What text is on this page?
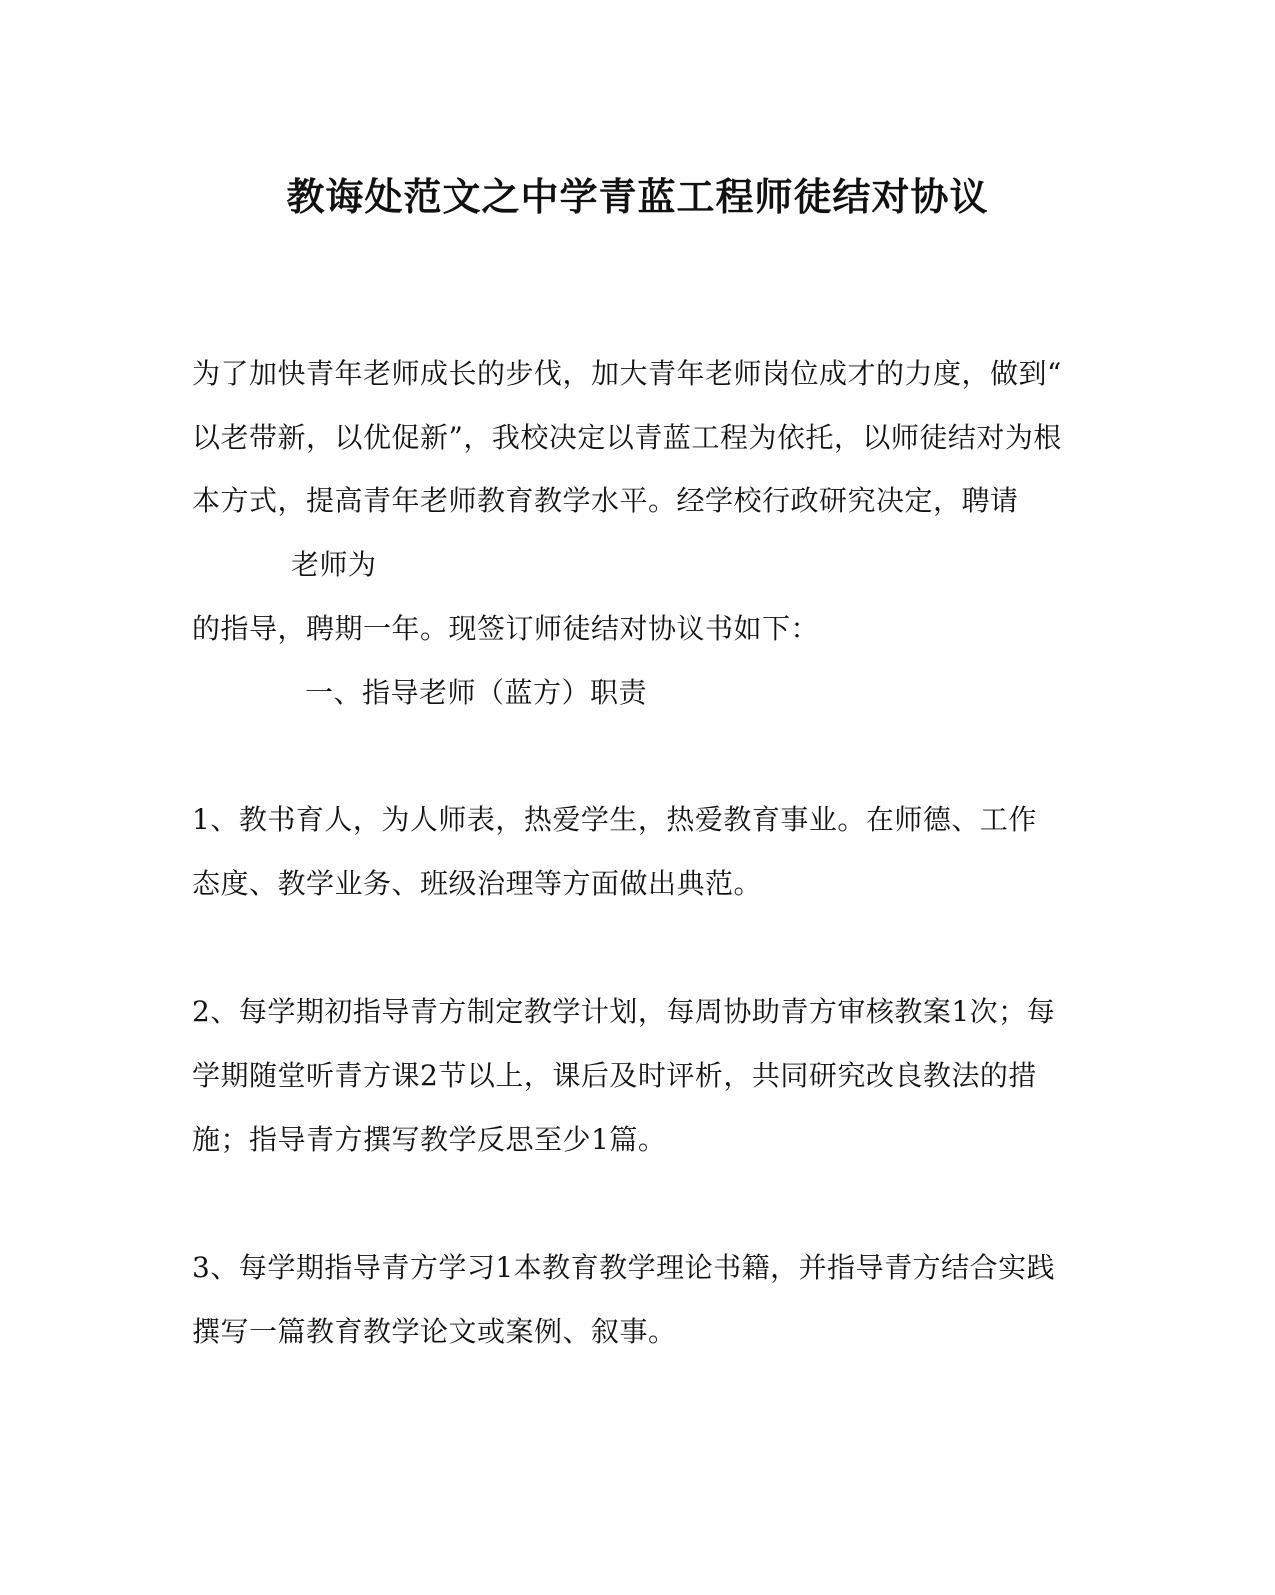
教诲处范文之中学青蓝工程师徒结对协议
为了加快青年老师成长的步伐，加大青年老师岗位成才的力度，做到“
以老带新，以优促新”，我校决定以青蓝工程为依托，以师徒结对为根
本方式，提高青年老师教育教学水平。经学校行政研究决定，聘请
老师为
的指导，聘期一年。现签订师徒结对协议书如下：
一、指导老师（蓝方）职责
1、教书育人，为人师表，热爱学生，热爱教育事业。在师德、工作
态度、教学业务、班级治理等方面做出典范。
2、每学期初指导青方制定教学计划，每周协助青方审核教案1次；每
学期随堂听青方课2节以上，课后及时评析，共同研究改良教法的措
施；指导青方撰写教学反思至少1篇。
3、每学期指导青方学习1本教育教学理论书籍，并指导青方结合实践
撰写一篇教育教学论文或案例、叙事。
